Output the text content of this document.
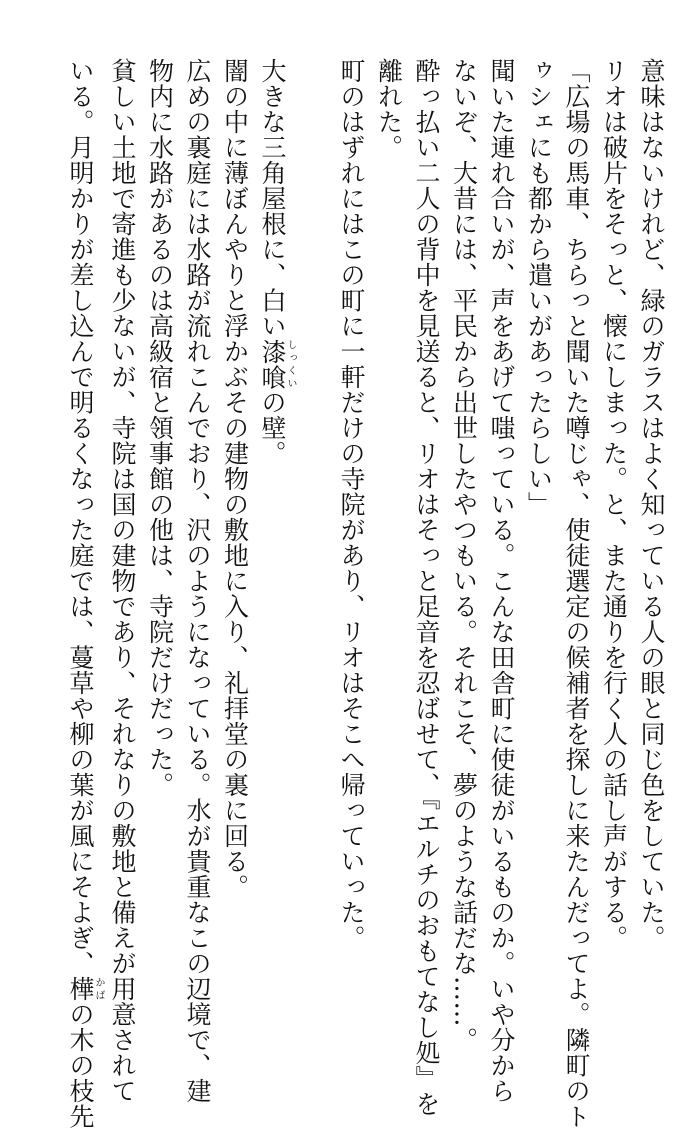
意味はないけれど、緑のガラスはよく知っている人の眼と同じ色をしていた。

リオは破片をそっと、懐にしまった。と、また通りを行く人の話し声がする。

「広場の馬車、ちらっと聞いた噂じゃ、使徒選定の候補者を探しに来たんだってよ。隣町のト

ゥシェにも都から遣いがあったらしい」

聞いた連れ合いが、声をあげて嗤っている。こんな田舎町に使徒がいるものか。いや分から

ないぞ、大昔には、平民から出世したやつもいる。それこそ、夢のような話だな……。

酔っ払い二人の背中を見送ると、リオはそっと足音を忍ばせて、『エルチのおもてなし処』を

離れた。

町のはずれにはこの町に一軒だけの寺院があり、リオはそこへ帰っていった。

大きな三角屋根に、白い漆喰しっくいの壁。

闇の中に薄ぼんやりと浮かぶその建物の敷地に入り、礼拝堂の裏に回る。

広めの裏庭には水路が流れこんでおり、沢のようになっている。水が貴重なこの辺境で、建

物内に水路があるのは高級宿と領事館の他は、寺院だけだった。

貧しい土地で寄進も少ないが、寺院は国の建物であり、それなりの敷地と備えが用意されて

いる。月明かりが差し込んで明るくなった庭では、蔓草や柳の葉が風にそよぎ、樺かばの木の枝先
